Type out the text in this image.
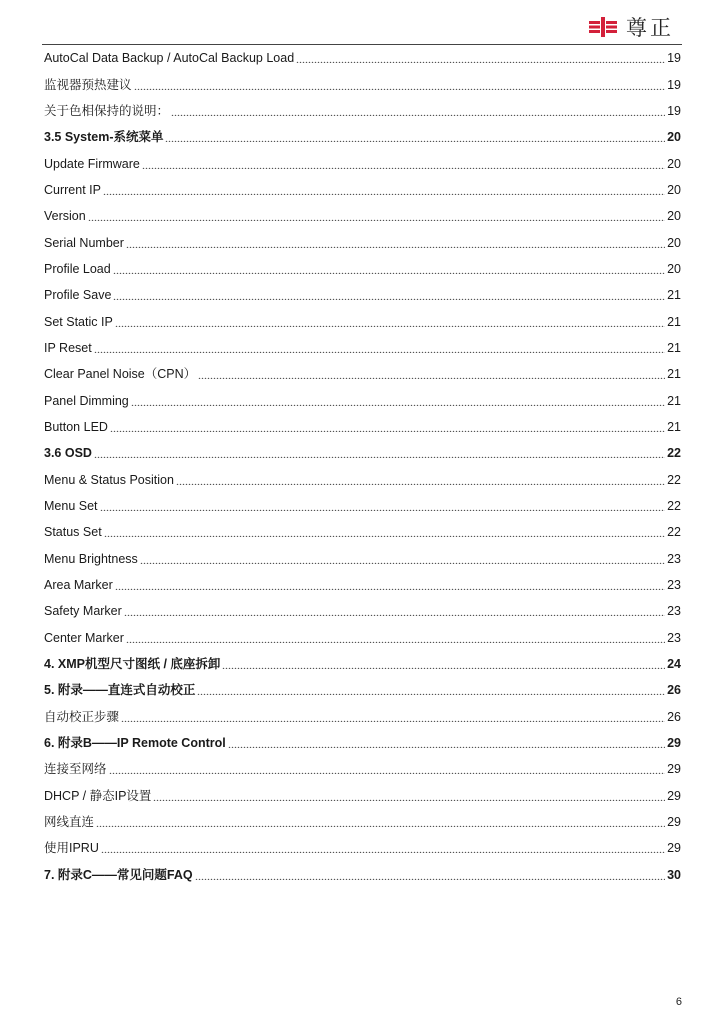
尊正
AutoCal Data Backup / AutoCal Backup Load	19
监视器预热建议	19
关于色相保持的说明：	19
3.5 System-系统菜单	20
Update Firmware	20
Current IP	20
Version	20
Serial Number	20
Profile Load	20
Profile Save	21
Set Static IP	21
IP Reset	21
Clear Panel Noise（CPN）	21
Panel Dimming	21
Button LED	21
3.6 OSD	22
Menu & Status Position	22
Menu Set	22
Status Set	22
Menu Brightness	23
Area Marker	23
Safety Marker	23
Center Marker	23
4. XMP机型尺寸图纸 / 底座拆卸	24
5. 附录——直连式自动校正	26
自动校正步骤	26
6. 附录B——IP Remote Control	29
连接至网络	29
DHCP / 静态IP设置	29
网线直连	29
使用IPRU	29
7. 附录C——常见问题FAQ	30
6
